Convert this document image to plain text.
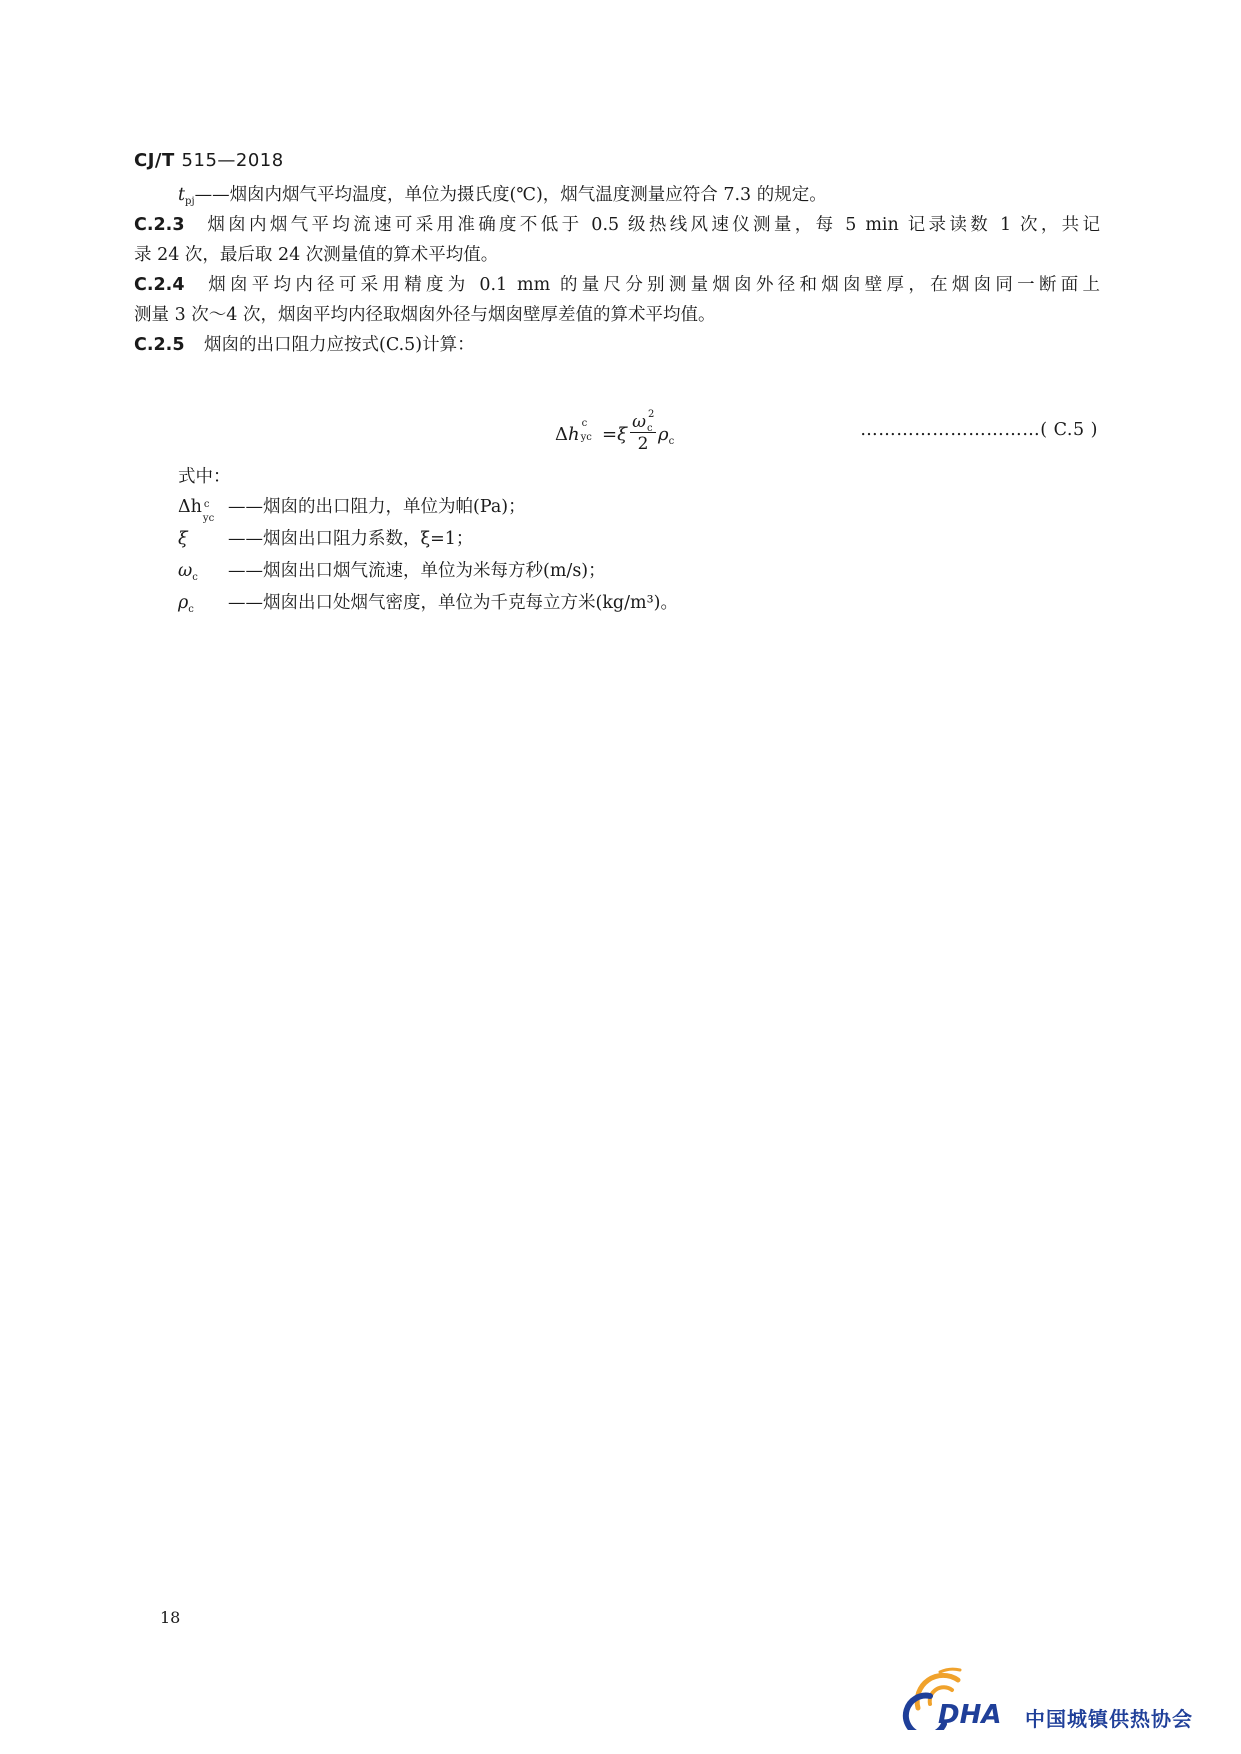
CJ/T 515—2018
$t_{pj}——$烟囱内烟气平均温度，单位为摄氏度(℃)，烟气温度测量应符合 7.3 的规定。
C.2.3 烟囱内烟气平均流速可采用准确度不低于 0.5 级热线风速仪测量，每 5 min 记录读数 1 次，共记
录 24 次，最后取 24 次测量值的算术平均值。
C.2.4 烟囱平均内径可采用精度为 0.1 mm 的量尺分别测量烟囱外径和烟囱壁厚，在烟囱同一断面上
测量 3 次～4 次，烟囱平均内径取烟囱外径与烟囱壁厚差值的算术平均值。
C.2.5 烟囱的出口阻力应按式(C.5)计算：
Δh
c
yc =ξ ω 2
c
2 $\rho_c$
…………………………( C.5 )
式中：
Δh c
yc
——烟囱的出口阻力，单位为帕(Pa)；
ξ ——烟囱出口阻力系数，ξ=1；
$\omega_c$ ——烟囱出口烟气流速，单位为米每方秒(m/s)；
$\rho_c$ ——烟囱出口处烟气密度，单位为千克每立方米(kg/m³)。
18
DHA 中国城镇供热协会
